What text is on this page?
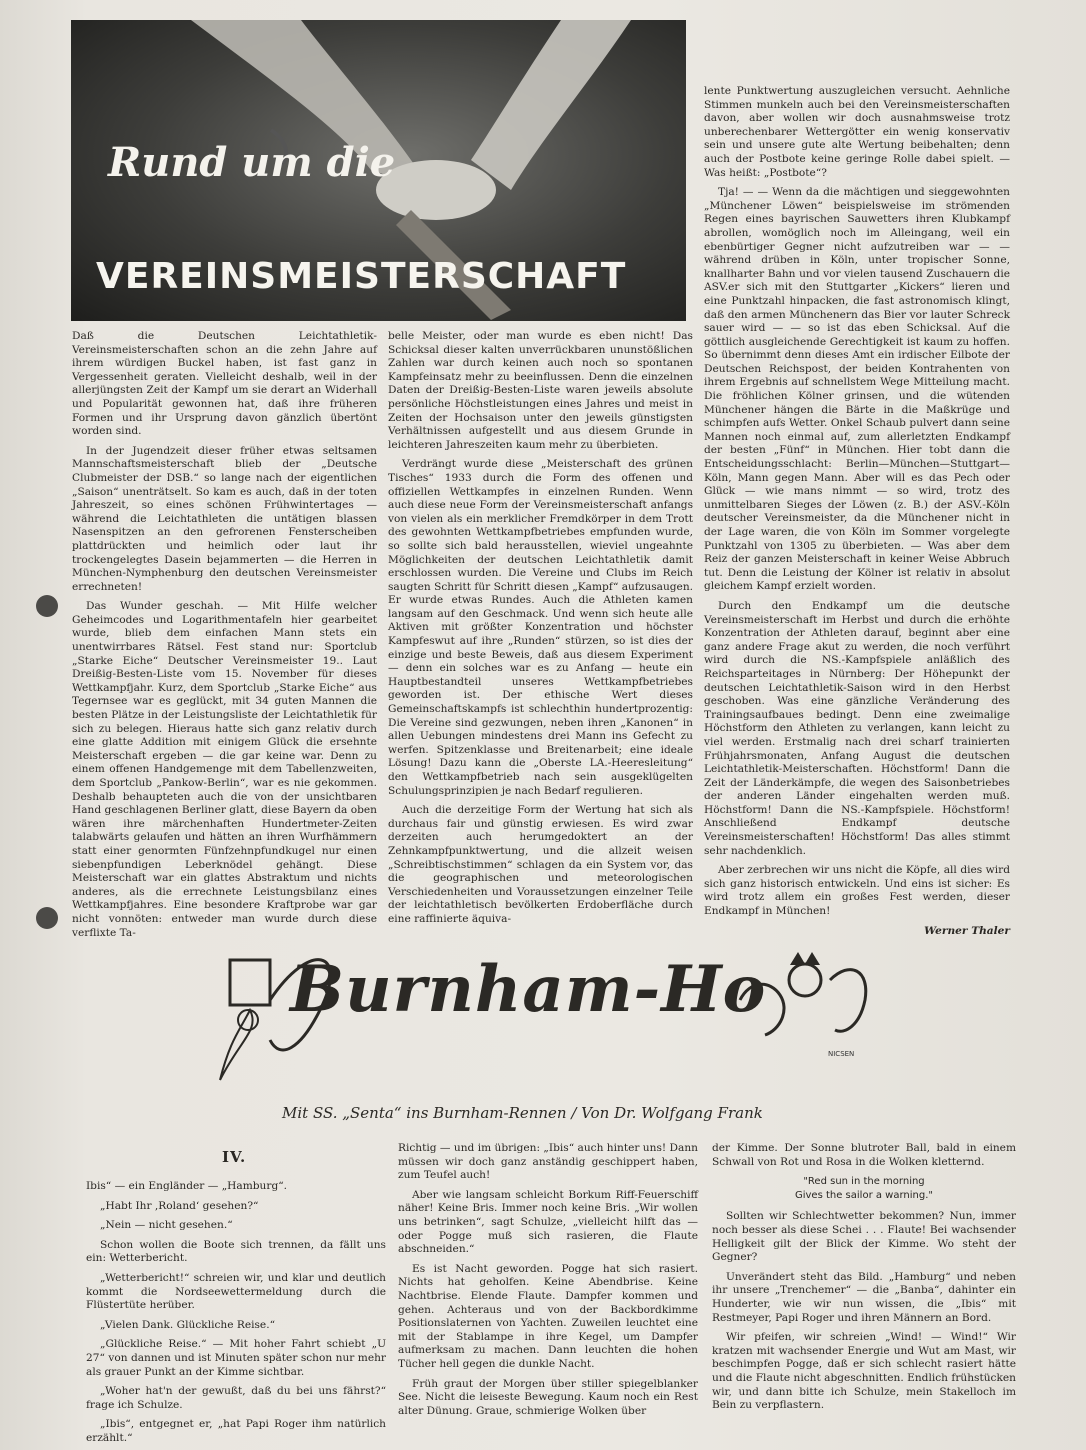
Rund um die
VEREINSMEISTERSCHAFT

Daß die Deutschen Leichtathletik-Vereinsmeisterschaften schon an die zehn Jahre auf ihrem würdigen Buckel haben, ist fast ganz in Vergessenheit geraten. Vielleicht deshalb, weil in der allerjüngsten Zeit der Kampf um sie derart an Widerhall und Popularität gewonnen hat, daß ihre früheren Formen und ihr Ursprung davon gänzlich übertönt worden sind.

In der Jugendzeit dieser früher etwas seltsamen Mannschaftsmeisterschaft blieb der „Deutsche Clubmeister der DSB.“ so lange nach der eigentlichen „Saison“ unenträtselt. So kam es auch, daß in der toten Jahreszeit, so eines schönen Frühwintertages — während die Leichtathleten die untätigen blassen Nasenspitzen an den gefrorenen Fensterscheiben plattdrückten und heimlich oder laut ihr trockengelegtes Dasein bejammerten — die Herren in München-Nymphenburg den deutschen Vereinsmeister errechneten!

Das Wunder geschah. — Mit Hilfe welcher Geheimcodes und Logarithmentafeln hier gearbeitet wurde, blieb dem einfachen Mann stets ein unentwirrbares Rätsel. Fest stand nur: Sportclub „Starke Eiche“ Deutscher Vereinsmeister 19.. Laut Dreißig-Besten-Liste vom 15. November für dieses Wettkampfjahr. Kurz, dem Sportclub „Starke Eiche“ aus Tegernsee war es geglückt, mit 34 guten Mannen die besten Plätze in der Leistungsliste der Leichtathletik für sich zu belegen. Hieraus hatte sich ganz relativ durch eine glatte Addition mit einigem Glück die ersehnte Meisterschaft ergeben — die gar keine war. Denn zu einem offenen Handgemenge mit dem Tabellenzweiten, dem Sportclub „Pankow-Berlin“, war es nie gekommen. Deshalb behaupteten auch die von der unsichtbaren Hand geschlagenen Berliner glatt, diese Bayern da oben wären ihre märchenhaften Hundertmeter-Zeiten talabwärts gelaufen und hätten an ihren Wurfhämmern statt einer genormten Fünfzehnpfundkugel nur einen siebenpfundigen Leberknödel gehängt. Diese Meisterschaft war ein glattes Abstraktum und nichts anderes, als die errechnete Leistungsbilanz eines Wettkampfjahres. Eine besondere Kraftprobe war gar nicht vonnöten: entweder man wurde durch diese verflixte Ta-

belle Meister, oder man wurde es eben nicht! Das Schicksal dieser kalten unverrückbaren ununstößlichen Zahlen war durch keinen auch noch so spontanen Kampfeinsatz mehr zu beeinflussen. Denn die einzelnen Daten der Dreißig-Besten-Liste waren jeweils absolute persönliche Höchstleistungen eines Jahres und meist in Zeiten der Hochsaison unter den jeweils günstigsten Verhältnissen aufgestellt und aus diesem Grunde in leichteren Jahreszeiten kaum mehr zu überbieten.

Verdrängt wurde diese „Meisterschaft des grünen Tisches“ 1933 durch die Form des offenen und offiziellen Wettkampfes in einzelnen Runden. Wenn auch diese neue Form der Vereinsmeisterschaft anfangs von vielen als ein merklicher Fremdkörper in dem Trott des gewohnten Wettkampfbetriebes empfunden wurde, so sollte sich bald herausstellen, wieviel ungeahnte Möglichkeiten der deutschen Leichtathletik damit erschlossen wurden. Die Vereine und Clubs im Reich saugten Schritt für Schritt diesen „Kampf“ aufzusaugen. Er wurde etwas Rundes. Auch die Athleten kamen langsam auf den Geschmack. Und wenn sich heute alle Aktiven mit größter Konzentration und höchster Kampfeswut auf ihre „Runden“ stürzen, so ist dies der einzige und beste Beweis, daß aus diesem Experiment — denn ein solches war es zu Anfang — heute ein Hauptbestandteil unseres Wettkampfbetriebes geworden ist. Der ethische Wert dieses Gemeinschaftskampfs ist schlechthin hundertprozentig: Die Vereine sind gezwungen, neben ihren „Kanonen“ in allen Uebungen mindestens drei Mann ins Gefecht zu werfen. Spitzenklasse und Breitenarbeit; eine ideale Lösung! Dazu kann die „Oberste LA.-Heeresleitung“ den Wettkampfbetrieb nach sein ausgeklügelten Schulungsprinzipien je nach Bedarf regulieren.

Auch die derzeitige Form der Wertung hat sich als durchaus fair und günstig erwiesen. Es wird zwar derzeiten auch herumgedoktert an der Zehnkampfpunktwertung, und die allzeit weisen „Schreibtischstimmen“ schlagen da ein System vor, das die geographischen und meteorologischen Verschiedenheiten und Voraussetzungen einzelner Teile der leichtathletisch bevölkerten Erdoberfläche durch eine raffinierte äquiva-

lente Punktwertung auszugleichen versucht. Aehnliche Stimmen munkeln auch bei den Vereinsmeisterschaften davon, aber wollen wir doch ausnahmsweise trotz unberechenbarer Wettergötter ein wenig konservativ sein und unsere gute alte Wertung beibehalten; denn auch der Postbote keine geringe Rolle dabei spielt. — Was heißt: „Postbote“?

Tja! — — Wenn da die mächtigen und sieggewohnten „Münchener Löwen“ beispielsweise im strömenden Regen eines bayrischen Sauwetters ihren Klubkampf abrollen, womöglich noch im Alleingang, weil ein ebenbürtiger Gegner nicht aufzutreiben war — — während drüben in Köln, unter tropischer Sonne, knallharter Bahn und vor vielen tausend Zuschauern die ASV.er sich mit den Stuttgarter „Kickers“ lieren und eine Punktzahl hinpacken, die fast astronomisch klingt, daß den armen Münchenern das Bier vor lauter Schreck sauer wird — — so ist das eben Schicksal. Auf die göttlich ausgleichende Gerechtigkeit ist kaum zu hoffen. So übernimmt denn dieses Amt ein irdischer Eilbote der Deutschen Reichspost, der beiden Kontrahenten von ihrem Ergebnis auf schnellstem Wege Mitteilung macht. Die fröhlichen Kölner grinsen, und die wütenden Münchener hängen die Bärte in die Maßkrüge und schimpfen aufs Wetter. Onkel Schaub pulvert dann seine Mannen noch einmal auf, zum allerletzten Endkampf der besten „Fünf“ in München. Hier tobt dann die Entscheidungsschlacht: Berlin—München—Stuttgart—Köln, Mann gegen Mann. Aber will es das Pech oder Glück — wie mans nimmt — so wird, trotz des unmittelbaren Sieges der Löwen (z. B.) der ASV.-Köln deutscher Vereinsmeister, da die Münchener nicht in der Lage waren, die von Köln im Sommer vorgelegte Punktzahl von 1305 zu überbieten. — Was aber dem Reiz der ganzen Meisterschaft in keiner Weise Abbruch tut. Denn die Leistung der Kölner ist relativ in absolut gleichem Kampf erzielt worden.

Durch den Endkampf um die deutsche Vereinsmeisterschaft im Herbst und durch die erhöhte Konzentration der Athleten darauf, beginnt aber eine ganz andere Frage akut zu werden, die noch verführt wird durch die NS.-Kampfspiele anläßlich des Reichsparteitages in Nürnberg: Der Höhepunkt der deutschen Leichtathletik-Saison wird in den Herbst geschoben. Was eine gänzliche Veränderung des Trainingsaufbaues bedingt. Denn eine zweimalige Höchstform den Athleten zu verlangen, kann leicht zu viel werden. Erstmalig nach drei scharf trainierten Frühjahrsmonaten, Anfang August die deutschen Leichtathletik-Meisterschaften. Höchstform! Dann die Zeit der Länderkämpfe, die wegen des Saisonbetriebes der anderen Länder eingehalten werden muß. Höchstform! Dann die NS.-Kampfspiele. Höchstform! Anschließend Endkampf deutsche Vereinsmeisterschaften! Höchstform! Das alles stimmt sehr nachdenklich.

Aber zerbrechen wir uns nicht die Köpfe, all dies wird sich ganz historisch entwickeln. Und eins ist sicher: Es wird trotz allem ein großes Fest werden, dieser Endkampf in München!

Werner Thaler
Burnham-Ho
NICSEN
Mit SS. „Senta“ ins Burnham-Rennen / Von Dr. Wolfgang Frank
IV.

Ibis“ — ein Engländer — „Hamburg“.

„Habt Ihr ,Roland‘ gesehen?“

„Nein — nicht gesehen.“

Schon wollen die Boote sich trennen, da fällt uns ein: Wetterbericht.

„Wetterbericht!“ schreien wir, und klar und deutlich kommt die Nordseewettermeldung durch die Flüstertüte herüber.

„Vielen Dank. Glückliche Reise.“

„Glückliche Reise.“ — Mit hoher Fahrt schiebt „U 27“ von dannen und ist Minuten später schon nur mehr als grauer Punkt an der Kimme sichtbar.

„Woher hat'n der gewußt, daß du bei uns fährst?“ frage ich Schulze.

„Ibis“, entgegnet er, „hat Papi Roger ihm natürlich erzählt.“

Richtig — und im übrigen: „Ibis“ auch hinter uns! Dann müssen wir doch ganz anständig geschippert haben, zum Teufel auch!

Aber wie langsam schleicht Borkum Riff-Feuerschiff näher! Keine Bris. Immer noch keine Bris. „Wir wollen uns betrinken“, sagt Schulze, „vielleicht hilft das — oder Pogge muß sich rasieren, die Flaute abschneiden.“

Es ist Nacht geworden. Pogge hat sich rasiert. Nichts hat geholfen. Keine Abendbrise. Keine Nachtbrise. Elende Flaute. Dampfer kommen und gehen. Achteraus und von der Backbordkimme Positionslaternen von Yachten. Zuweilen leuchtet eine mit der Stablampe in ihre Kegel, um Dampfer aufmerksam zu machen. Dann leuchten die hohen Tücher hell gegen die dunkle Nacht.

Früh graut der Morgen über stiller spiegelblanker See. Nicht die leiseste Bewegung. Kaum noch ein Rest alter Dünung. Graue, schmierige Wolken über

der Kimme. Der Sonne blutroter Ball, bald in einem Schwall von Rot und Rosa in die Wolken kletternd.

"Red sun in the morning
Gives the sailor a warning."

Sollten wir Schlechtwetter bekommen? Nun, immer noch besser als diese Schei . . . Flaute! Bei wachsender Helligkeit gilt der Blick der Kimme. Wo steht der Gegner?

Unverändert steht das Bild. „Hamburg“ und neben ihr unsere „Trenchemer“ — die „Banba“, dahinter ein Hunderter, wie wir nun wissen, die „Ibis“ mit Restmeyer, Papi Roger und ihren Männern an Bord.

Wir pfeifen, wir schreien „Wind! — Wind!“ Wir kratzen mit wachsender Energie und Wut am Mast, wir beschimpfen Pogge, daß er sich schlecht rasiert hätte und die Flaute nicht abgeschnitten. Endlich frühstücken wir, und dann bitte ich Schulze, mein Stakelloch im Bein zu verpflastern.
